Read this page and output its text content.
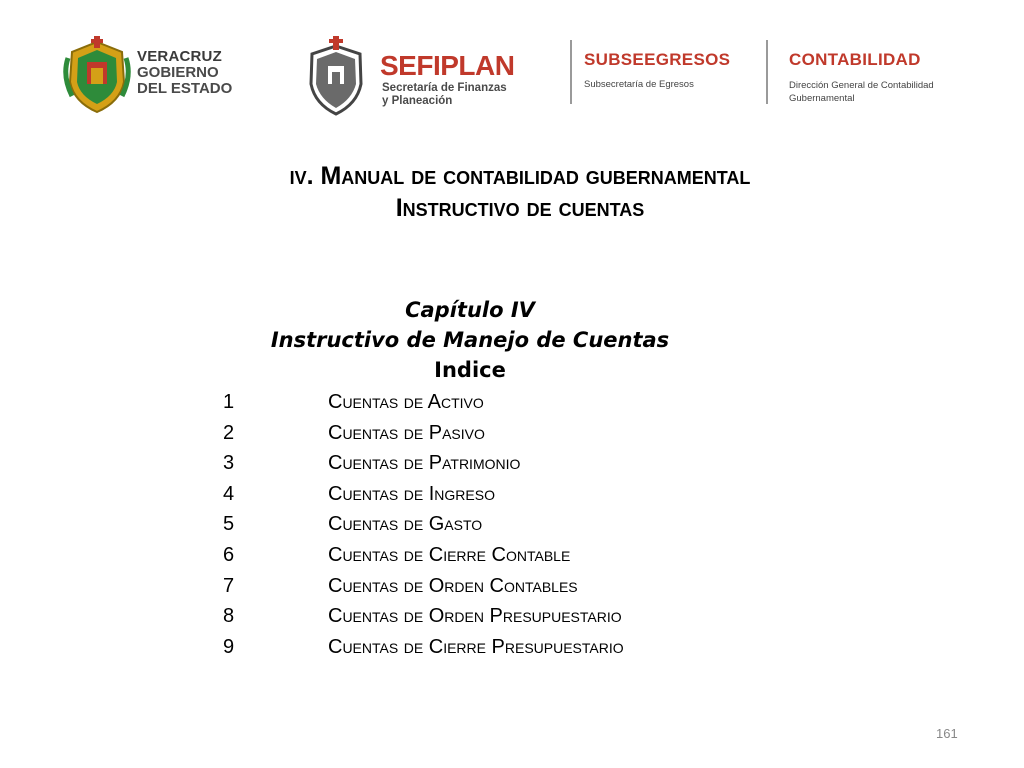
VERACRUZ
GOBIERNO
DEL ESTADO
SEFIPLAN
Secretaría de Finanzas
y Planeación
SUBSEEGRESOS
Subsecretaría de Egresos
CONTABILIDAD
Dirección General de Contabilidad Gubernamental
iv. Manual de contabilidad gubernamental
Instructivo de cuentas
Capítulo IV
Instructivo de Manejo de Cuentas
Indice
1	Cuentas de Activo
2	Cuentas de Pasivo
3	Cuentas de Patrimonio
4	Cuentas de Ingreso
5	Cuentas de Gasto
6	Cuentas de Cierre Contable
7	Cuentas de Orden Contables
8	Cuentas de Orden Presupuestario
9	Cuentas de Cierre Presupuestario
161
